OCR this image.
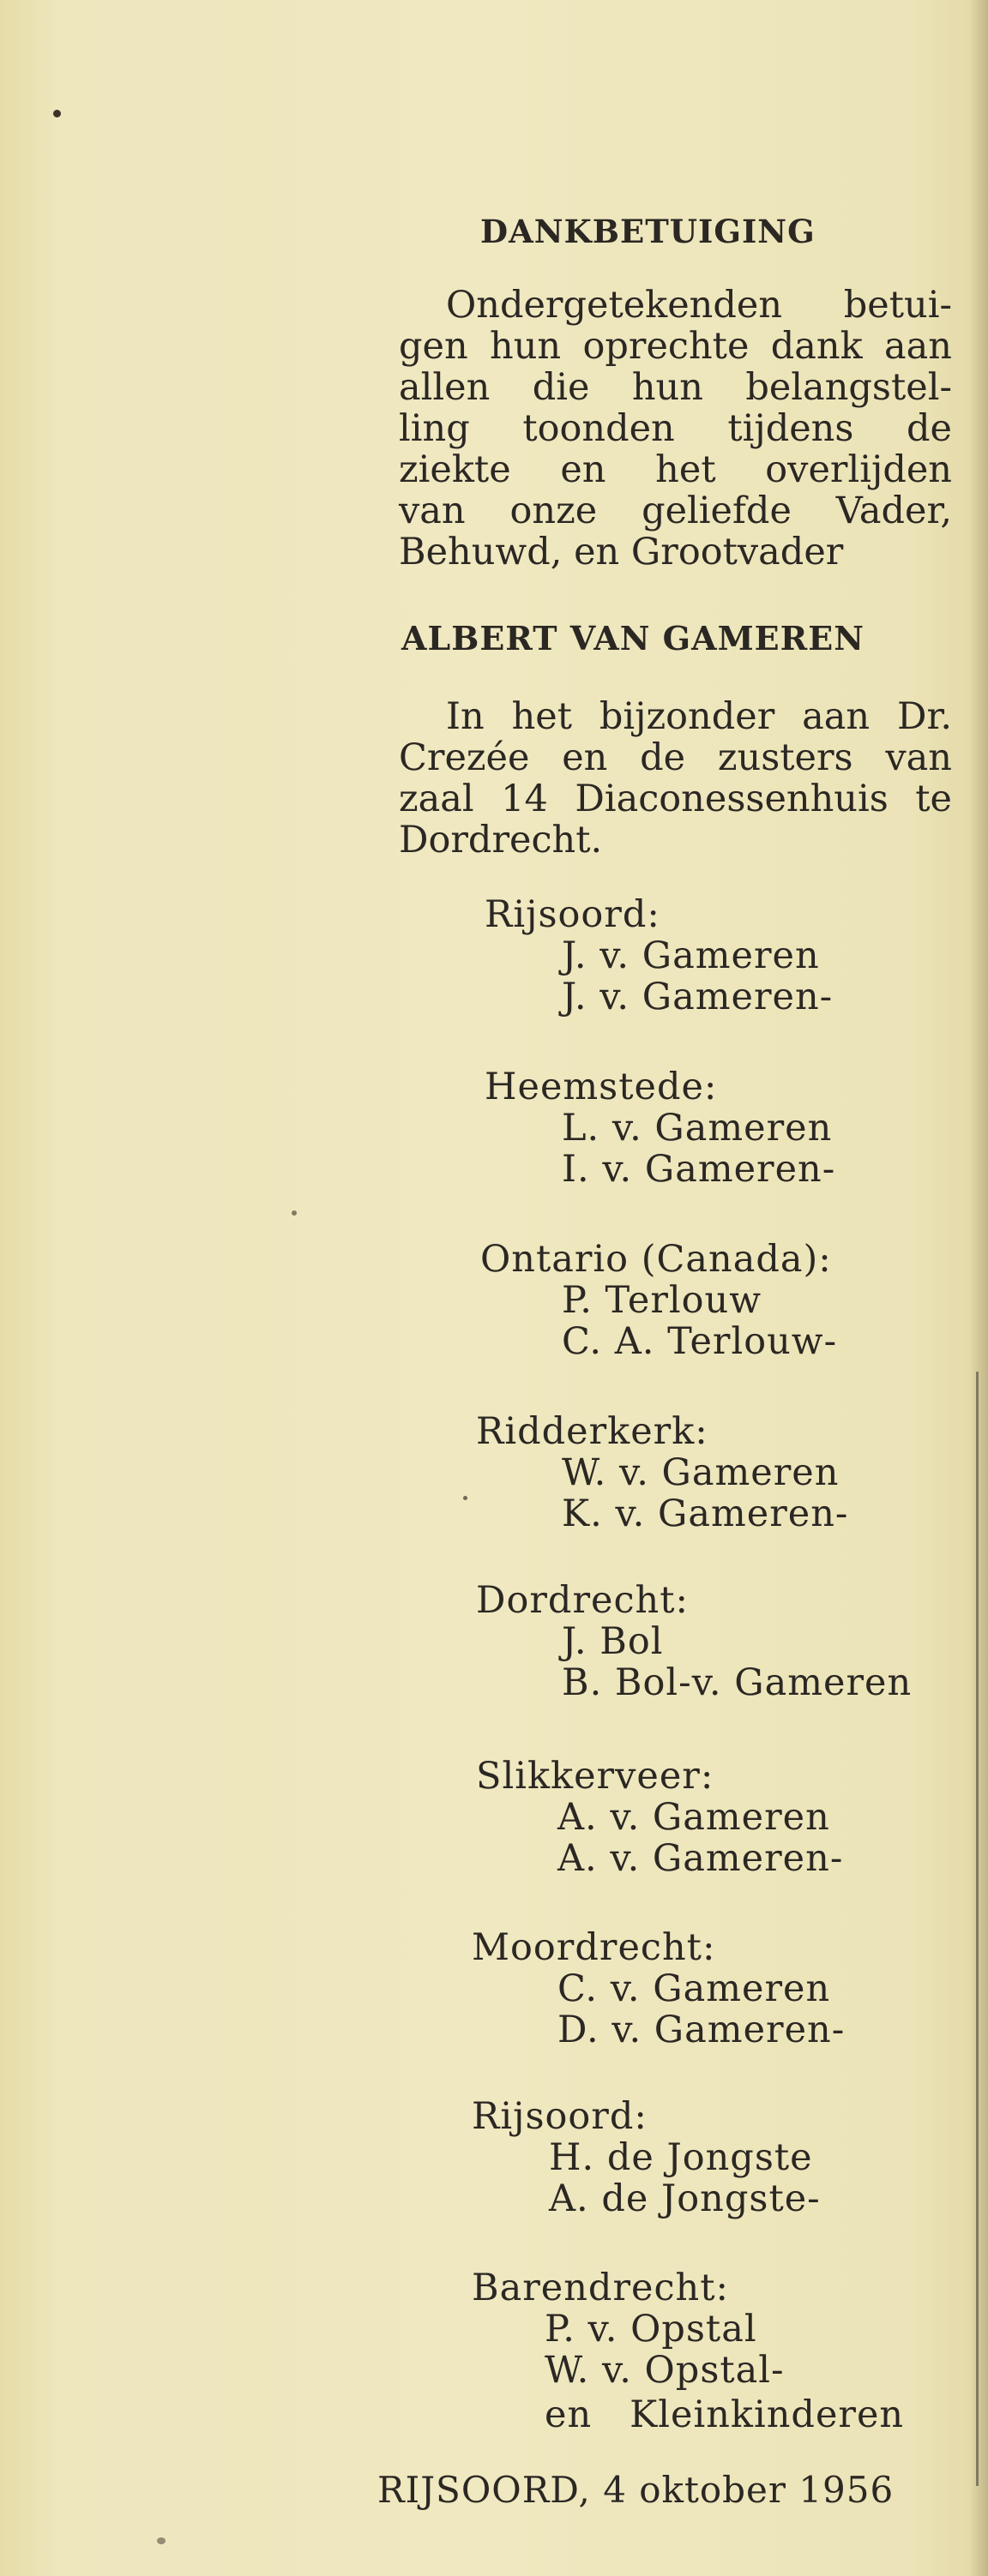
DANKBETUIGING
Ondergetekenden betui-
gen hun oprechte dank aan
allen die hun belangstel-
ling toonden tijdens de
ziekte en het overlijden
van onze geliefde Vader,
Behuwd, en Grootvader
ALBERT VAN GAMEREN
In het bijzonder aan Dr.
Crezée en de zusters van
zaal 14 Diaconessenhuis te
Dordrecht.
Rijsoord:
J. v. Gameren
J. v. Gameren-
Heemstede:
L. v. Gameren
I. v. Gameren-
Ontario (Canada):
P. Terlouw
C. A. Terlouw-
Ridderkerk:
W. v. Gameren
K. v. Gameren-
Dordrecht:
J. Bol
B. Bol-v. Gameren
Slikkerveer:
A. v. Gameren
A. v. Gameren-
Moordrecht:
C. v. Gameren
D. v. Gameren-
Rijsoord:
H. de Jongste
A. de Jongste-
Barendrecht:
P. v. Opstal
W. v. Opstal-
en   Kleinkinderen
RIJSOORD, 4 oktober 1956
